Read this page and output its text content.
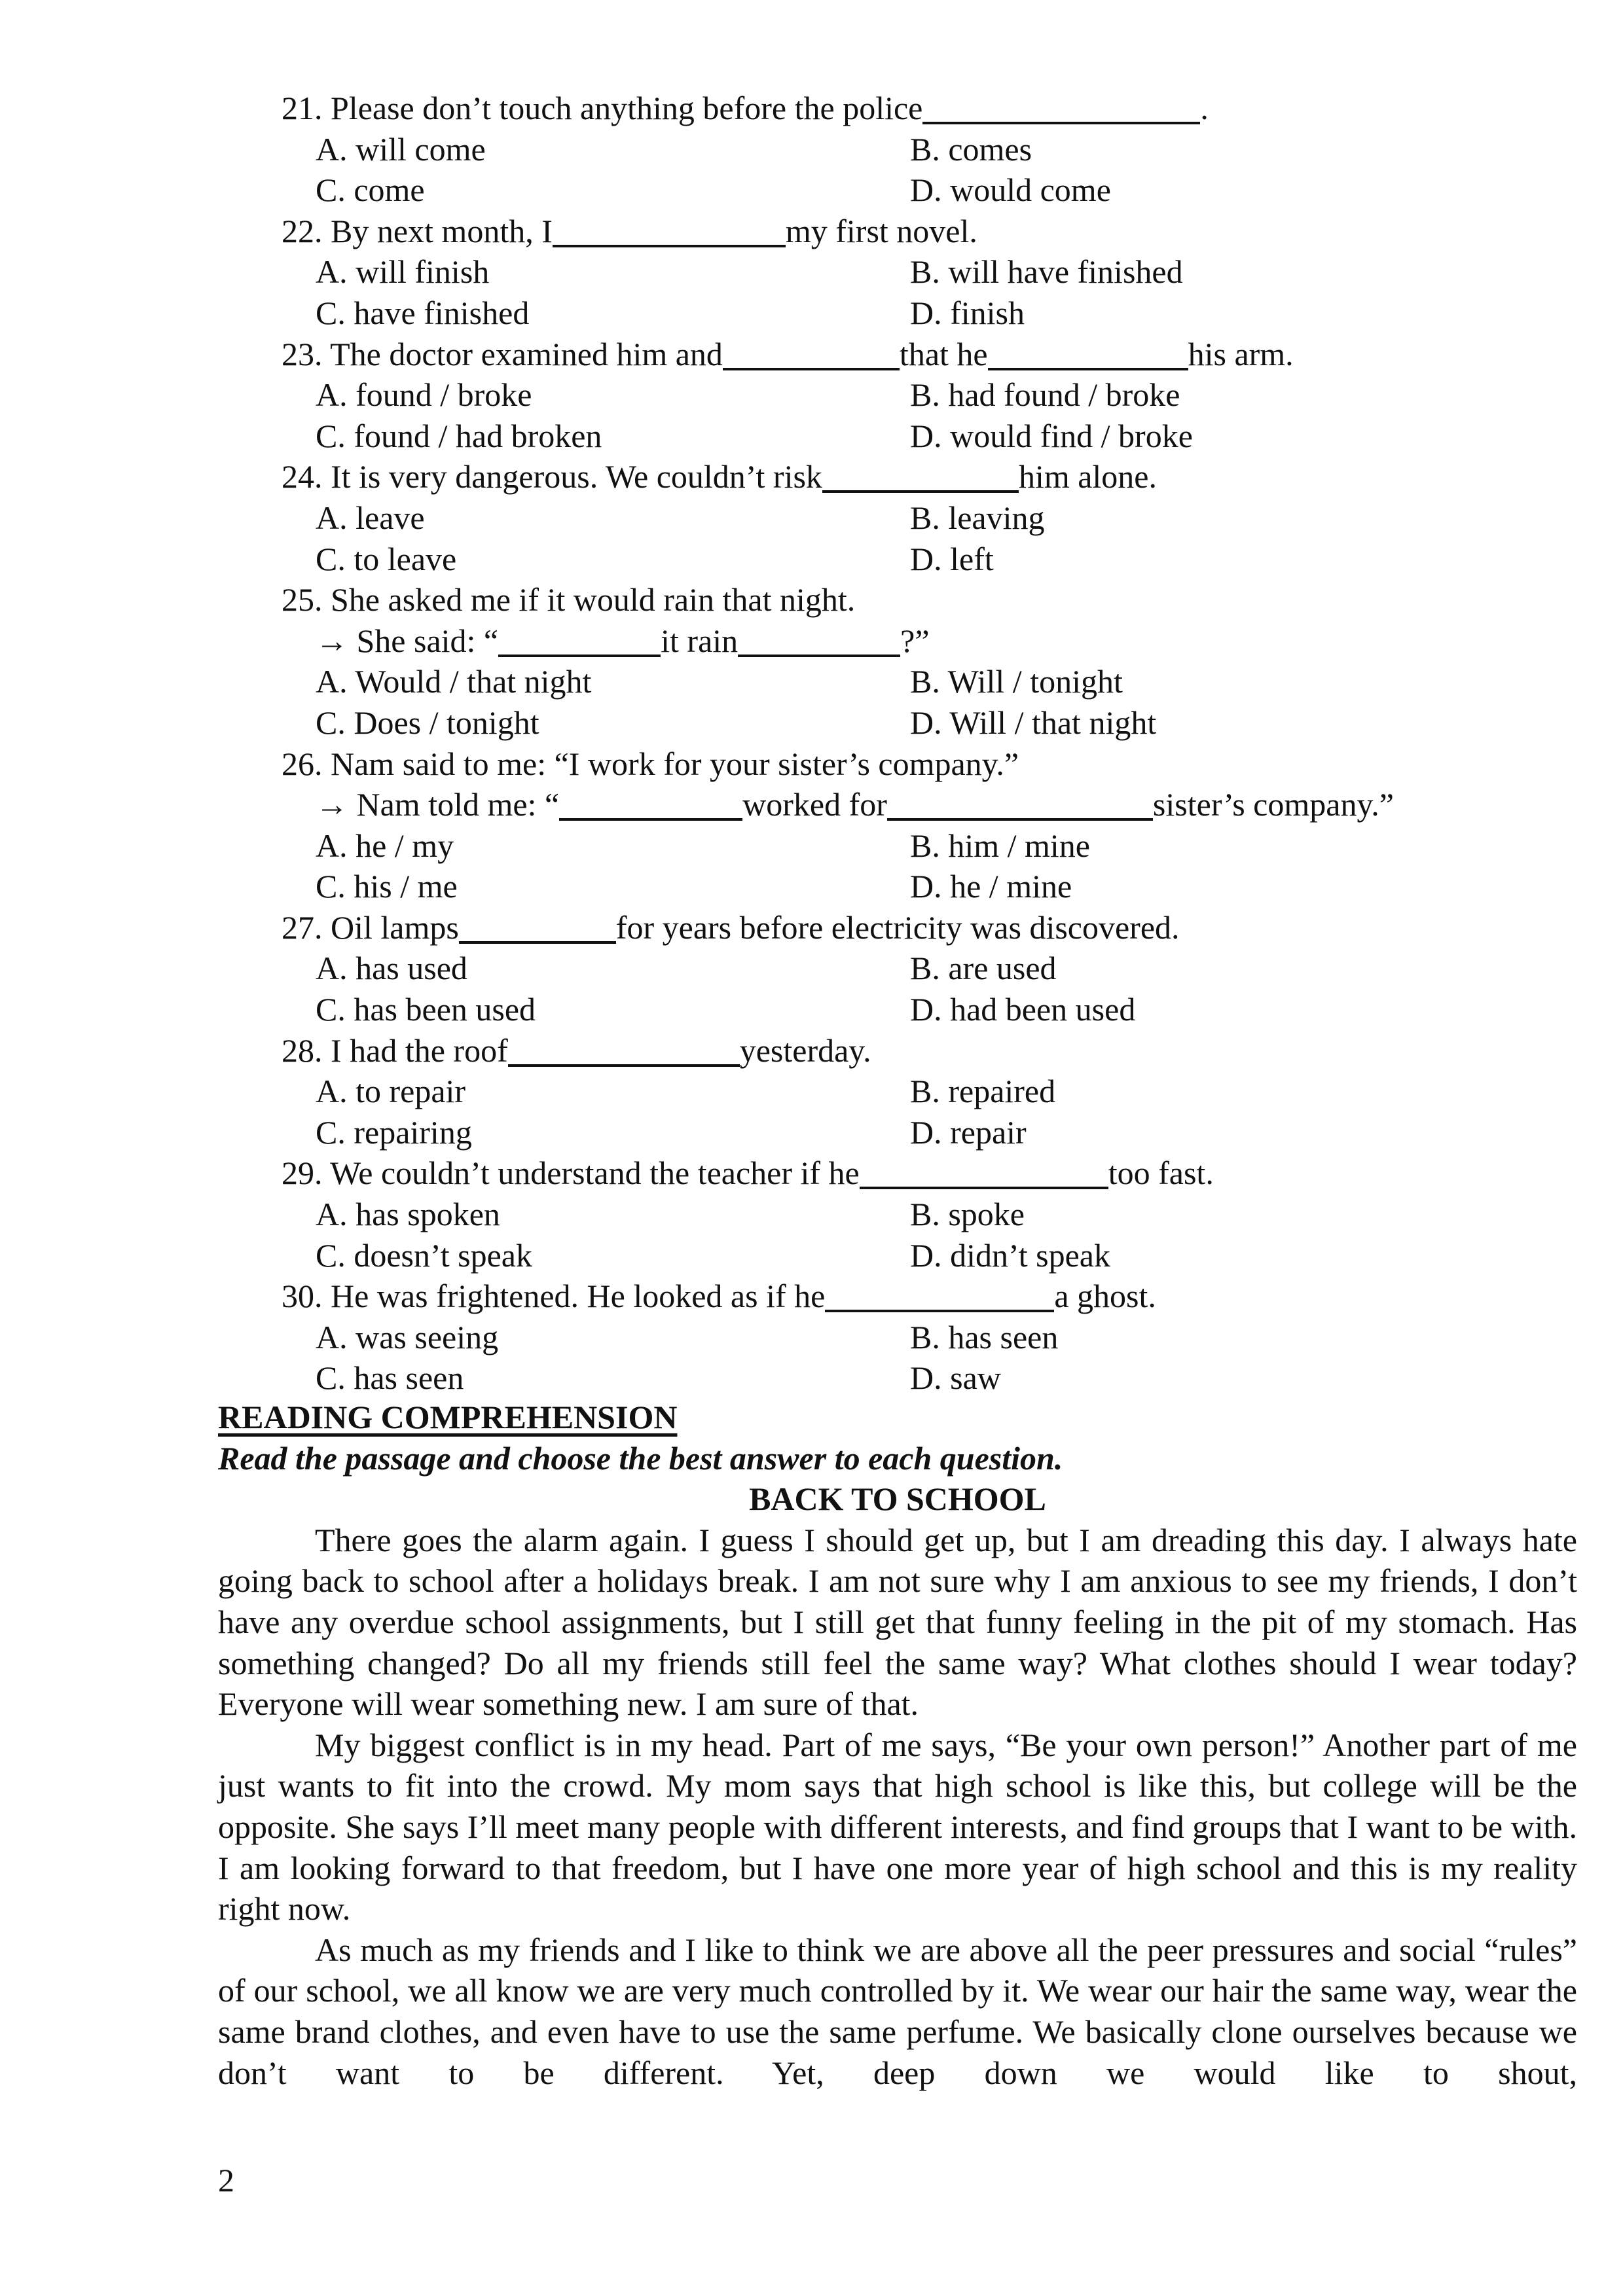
21. Please don’t touch anything before the police	.
A. will come	B. comes
C. come	D. would come
22. By next month, I	my first novel.
A. will finish	B. will have finished
C. have finished	D. finish
23. The doctor examined him and	that he	his arm.
A. found / broke	B. had found / broke
C. found / had broken	D. would find / broke
24. It is very dangerous. We couldn’t risk	him alone.
A. leave	B. leaving
C. to leave	D. left
25. She asked me if it would rain that night.
→ She said: “	it rain	?”
A. Would / that night	B. Will / tonight
C. Does / tonight	D. Will / that night
26. Nam said to me: “I work for your sister’s company.”
→ Nam told me: “	worked for	sister’s company.”
A. he / my	B. him / mine
C. his / me	D. he / mine
27. Oil lamps	for years before electricity was discovered.
A. has used	B. are used
C. has been used	D. had been used
28. I had the roof	yesterday.
A. to repair	B. repaired
C. repairing	D. repair
29. We couldn’t understand the teacher if he	too fast.
A. has spoken	B. spoke
C. doesn’t speak	D. didn’t speak
30. He was frightened. He looked as if he	a ghost.
A. was seeing	B. has seen
C. has seen	D. saw

READING COMPREHENSION

Read the passage and choose the best answer to each question.

BACK TO SCHOOL

There goes the alarm again. I guess I should get up, but I am dreading this day. I always hate going back to school after a holidays break. I am not sure why I am anxious to see my friends, I don’t have any overdue school assignments, but I still get that funny feeling in the pit of my stomach. Has something changed? Do all my friends still feel the same way? What clothes should I wear today? Everyone will wear something new. I am sure of that.

My biggest conflict is in my head. Part of me says, “Be your own person!” Another part of me just wants to fit into the crowd. My mom says that high school is like this, but college will be the opposite. She says I’ll meet many people with different interests, and find groups that I want to be with. I am looking forward to that freedom, but I have one more year of high school and this is my reality right now.

As much as my friends and I like to think we are above all the peer pressures and social “rules” of our school, we all know we are very much controlled by it. We wear our hair the same way, wear the same brand clothes, and even have to use the same perfume. We basically clone ourselves because we don’t want to be different. Yet, deep down we would like to shout,

2
